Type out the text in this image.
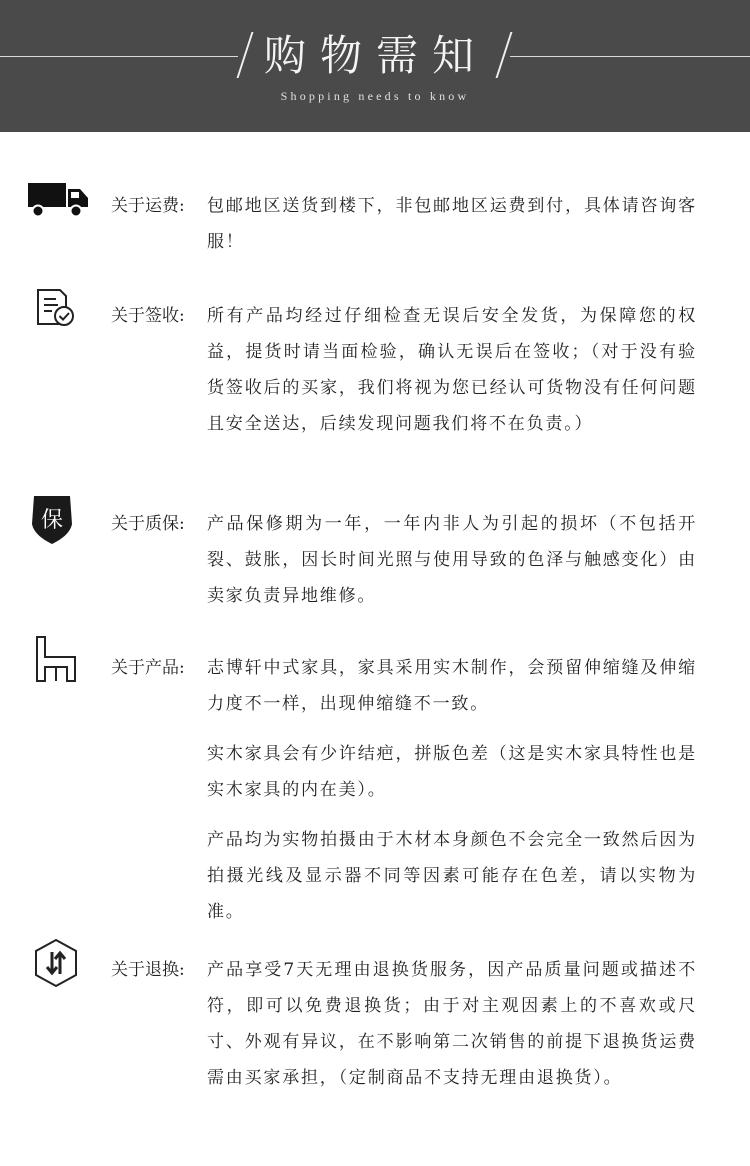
购物需知
Shopping needs to know
关于运费: 包邮地区送货到楼下，非包邮地区运费到付，具体请咨询客服！

关于签收: 所有产品均经过仔细检查无误后安全发货，为保障您的权益，提货时请当面检验，确认无误后在签收；（对于没有验货签收后的买家，我们将视为您已经认可货物没有任何问题且安全送达，后续发现问题我们将不在负责。）

保	关于质保: 产品保修期为一年，一年内非人为引起的损坏（不包括开裂、鼓胀，因长时间光照与使用导致的色泽与触感变化）由卖家负责异地维修。

关于产品: 志博轩中式家具，家具采用实木制作，会预留伸缩缝及伸缩力度不一样，出现伸缩缝不一致。

实木家具会有少许结疤，拼版色差（这是实木家具特性也是实木家具的内在美）。

产品均为实物拍摄由于木材本身颜色不会完全一致然后因为拍摄光线及显示器不同等因素可能存在色差，请以实物为准。

关于退换: 产品享受7天无理由退换货服务，因产品质量问题或描述不符，即可以免费退换货；由于对主观因素上的不喜欢或尺寸、外观有异议，在不影响第二次销售的前提下退换货运费需由买家承担，（定制商品不支持无理由退换货）。
